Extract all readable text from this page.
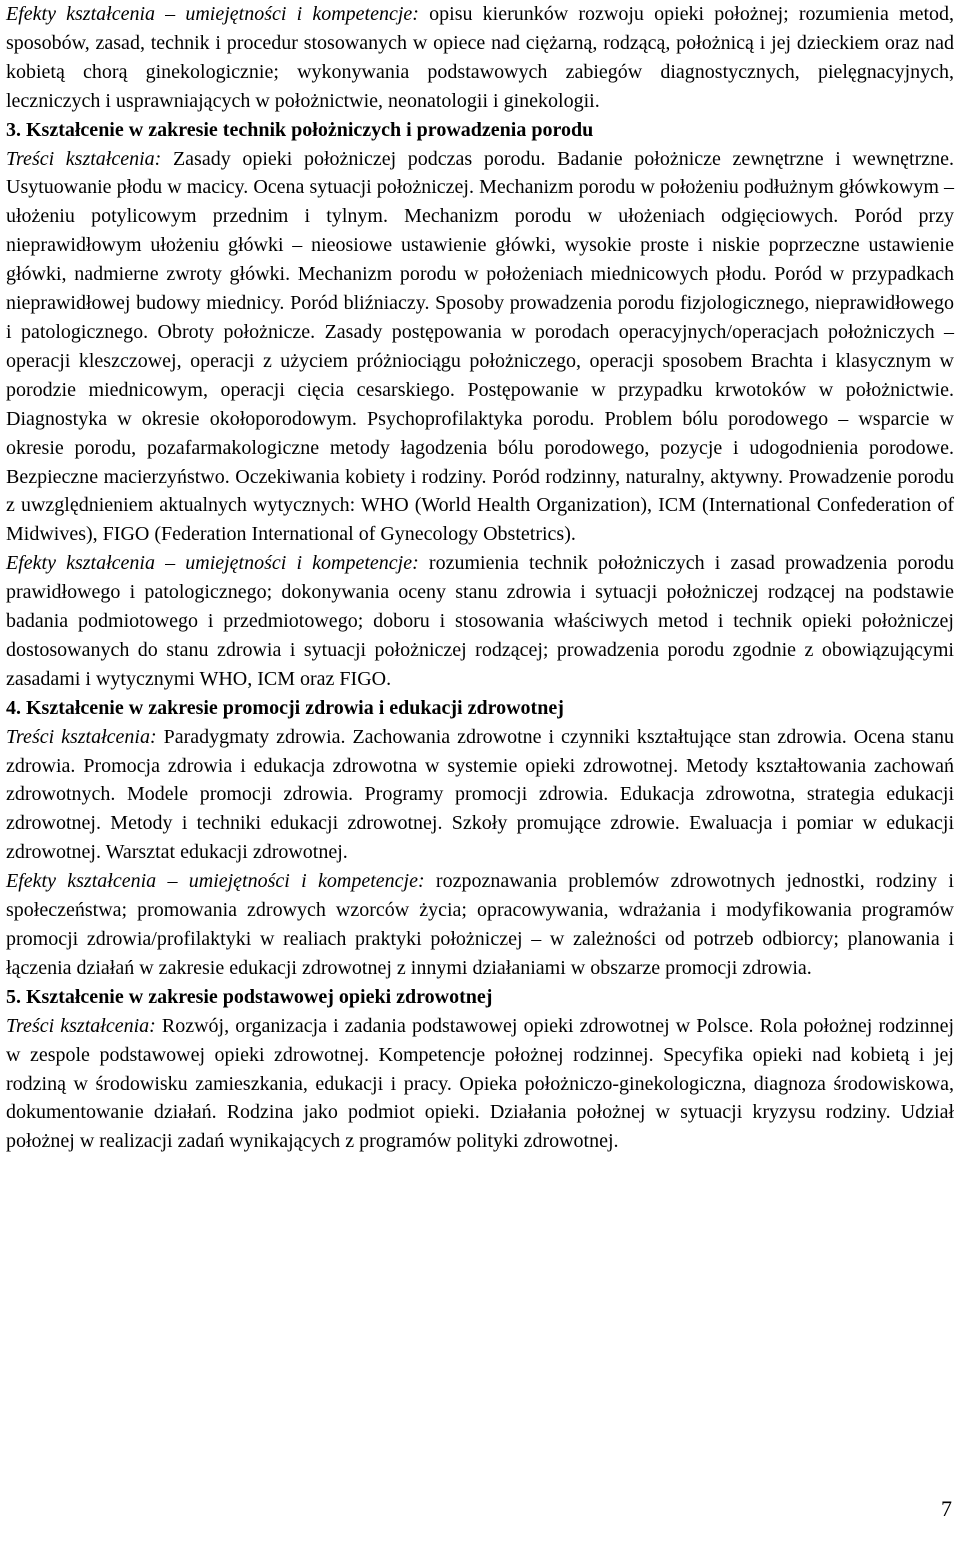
Efekty kształcenia – umiejętności i kompetencje: opisu kierunków rozwoju opieki położnej; rozumienia metod, sposobów, zasad, technik i procedur stosowanych w opiece nad ciężarną, rodzącą, położnicą i jej dzieckiem oraz nad kobietą chorą ginekologicznie; wykonywania podstawowych zabiegów diagnostycznych, pielęgnacyjnych, leczniczych i usprawniających w położnictwie, neonatologii i ginekologii.

3. Kształcenie w zakresie technik położniczych i prowadzenia porodu

Treści kształcenia: Zasady opieki położniczej podczas porodu. Badanie położnicze zewnętrzne i wewnętrzne. Usytuowanie płodu w macicy. Ocena sytuacji położniczej. Mechanizm porodu w położeniu podłużnym główkowym – ułożeniu potylicowym przednim i tylnym. Mechanizm porodu w ułożeniach odgięciowych. Poród przy nieprawidłowym ułożeniu główki – nieosiowe ustawienie główki, wysokie proste i niskie poprzeczne ustawienie główki, nadmierne zwroty główki. Mechanizm porodu w położeniach miednicowych płodu. Poród w przypadkach nieprawidłowej budowy miednicy. Poród bliźniaczy. Sposoby prowadzenia porodu fizjologicznego, nieprawidłowego i patologicznego. Obroty położnicze. Zasady postępowania w porodach operacyjnych/operacjach położniczych – operacji kleszczowej, operacji z użyciem próżniociągu położniczego, operacji sposobem Brachta i klasycznym w porodzie miednicowym, operacji cięcia cesarskiego. Postępowanie w przypadku krwotoków w położnictwie. Diagnostyka w okresie okołoporodowym. Psychoprofilaktyka porodu. Problem bólu porodowego – wsparcie w okresie porodu, pozafarmakologiczne metody łagodzenia bólu porodowego, pozycje i udogodnienia porodowe. Bezpieczne macierzyństwo. Oczekiwania kobiety i rodziny. Poród rodzinny, naturalny, aktywny. Prowadzenie porodu z uwzględnieniem aktualnych wytycznych: WHO (World Health Organization), ICM (International Confederation of Midwives), FIGO (Federation International of Gynecology Obstetrics).

Efekty kształcenia – umiejętności i kompetencje: rozumienia technik położniczych i zasad prowadzenia porodu prawidłowego i patologicznego; dokonywania oceny stanu zdrowia i sytuacji położniczej rodzącej na podstawie badania podmiotowego i przedmiotowego; doboru i stosowania właściwych metod i technik opieki położniczej dostosowanych do stanu zdrowia i sytuacji położniczej rodzącej; prowadzenia porodu zgodnie z obowiązującymi zasadami i wytycznymi WHO, ICM oraz FIGO.

4. Kształcenie w zakresie promocji zdrowia i edukacji zdrowotnej

Treści kształcenia: Paradygmaty zdrowia. Zachowania zdrowotne i czynniki kształtujące stan zdrowia. Ocena stanu zdrowia. Promocja zdrowia i edukacja zdrowotna w systemie opieki zdrowotnej. Metody kształtowania zachowań zdrowotnych. Modele promocji zdrowia. Programy promocji zdrowia. Edukacja zdrowotna, strategia edukacji zdrowotnej. Metody i techniki edukacji zdrowotnej. Szkoły promujące zdrowie. Ewaluacja i pomiar w edukacji zdrowotnej. Warsztat edukacji zdrowotnej.

Efekty kształcenia – umiejętności i kompetencje: rozpoznawania problemów zdrowotnych jednostki, rodziny i społeczeństwa; promowania zdrowych wzorców życia; opracowywania, wdrażania i modyfikowania programów promocji zdrowia/profilaktyki w realiach praktyki położniczej – w zależności od potrzeb odbiorcy; planowania i łączenia działań w zakresie edukacji zdrowotnej z innymi działaniami w obszarze promocji zdrowia.

5. Kształcenie w zakresie podstawowej opieki zdrowotnej

Treści kształcenia: Rozwój, organizacja i zadania podstawowej opieki zdrowotnej w Polsce. Rola położnej rodzinnej w zespole podstawowej opieki zdrowotnej. Kompetencje położnej rodzinnej. Specyfika opieki nad kobietą i jej rodziną w środowisku zamieszkania, edukacji i pracy. Opieka położniczo-ginekologiczna, diagnoza środowiskowa, dokumentowanie działań. Rodzina jako podmiot opieki. Działania położnej w sytuacji kryzysu rodziny. Udział położnej w realizacji zadań wynikających z programów polityki zdrowotnej.

7
